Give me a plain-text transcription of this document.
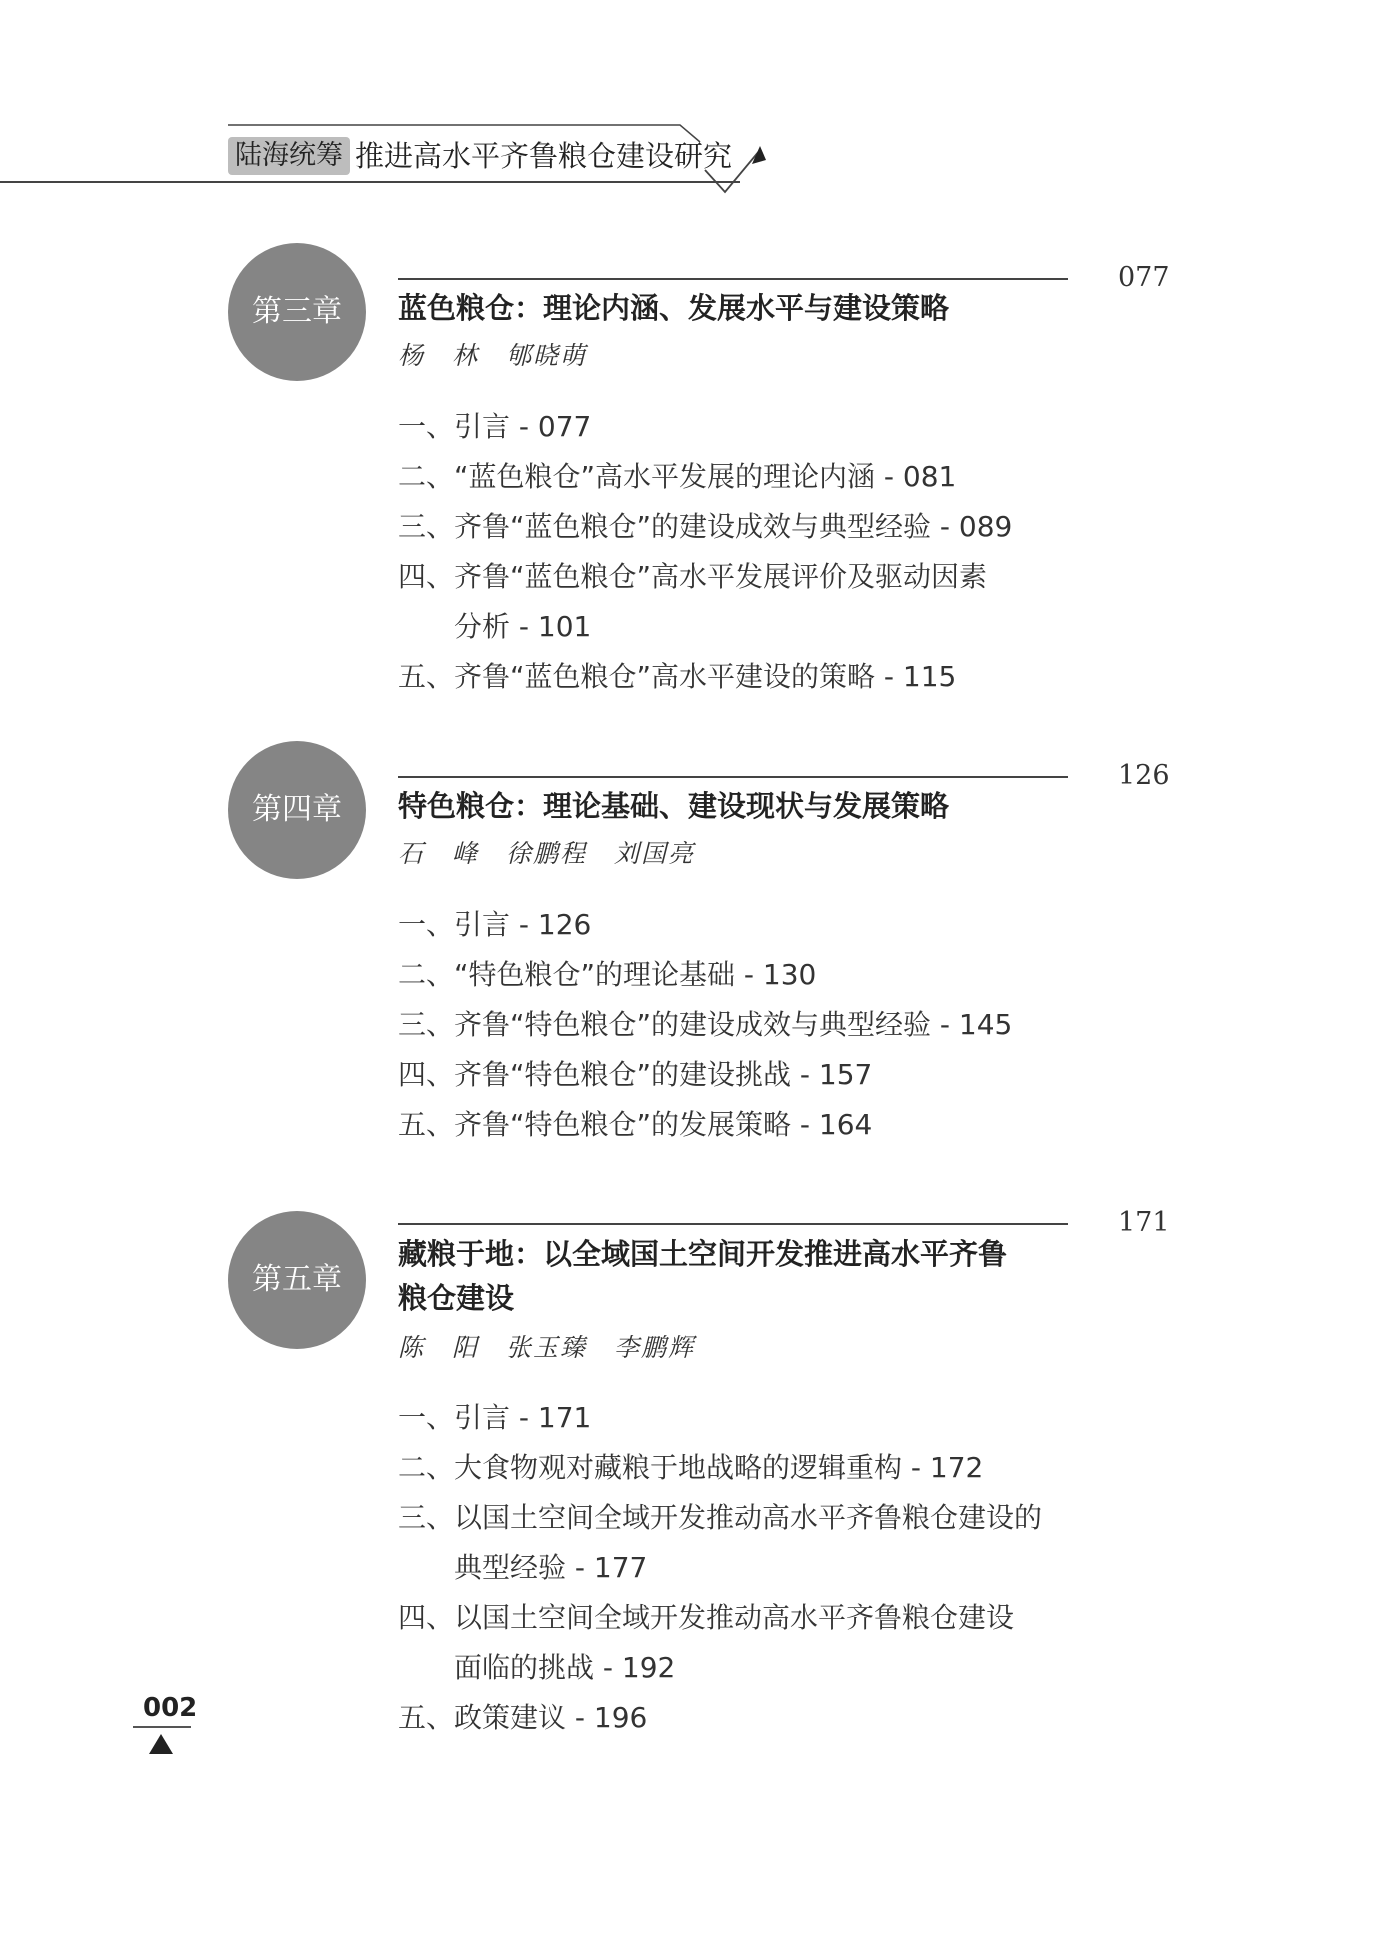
陆海统筹 推进高水平齐鲁粮仓建设研究
第三章
077
蓝色粮仓：理论内涵、发展水平与建设策略
杨　林　郇晓萌
一、引言 - 077
二、“蓝色粮仓”高水平发展的理论内涵 - 081
三、齐鲁“蓝色粮仓”的建设成效与典型经验 - 089
四、齐鲁“蓝色粮仓”高水平发展评价及驱动因素
分析 - 101
五、齐鲁“蓝色粮仓”高水平建设的策略 - 115
第四章
126
特色粮仓：理论基础、建设现状与发展策略
石　峰　徐鹏程　刘国亮
一、引言 - 126
二、“特色粮仓”的理论基础 - 130
三、齐鲁“特色粮仓”的建设成效与典型经验 - 145
四、齐鲁“特色粮仓”的建设挑战 - 157
五、齐鲁“特色粮仓”的发展策略 - 164
第五章
171
藏粮于地：以全域国土空间开发推进高水平齐鲁
粮仓建设
陈　阳　张玉臻　李鹏辉
一、引言 - 171
二、大食物观对藏粮于地战略的逻辑重构 - 172
三、以国土空间全域开发推动高水平齐鲁粮仓建设的
典型经验 - 177
四、以国土空间全域开发推动高水平齐鲁粮仓建设
面临的挑战 - 192
五、政策建议 - 196
002
